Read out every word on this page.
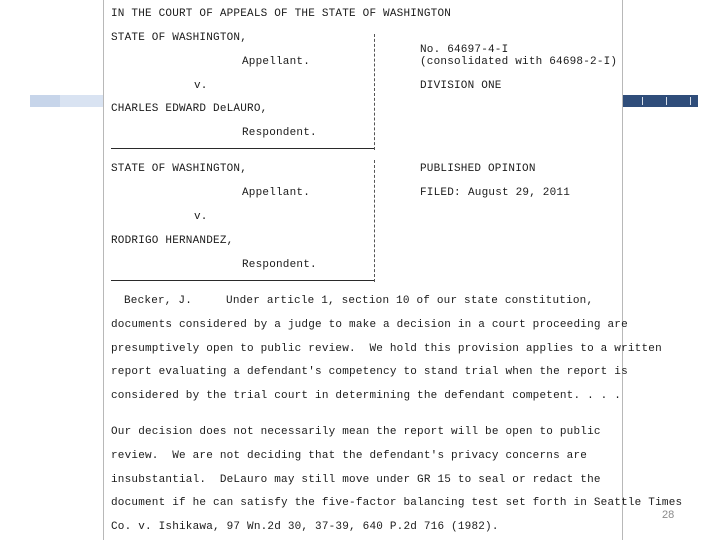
IN THE COURT OF APPEALS OF THE STATE OF WASHINGTON
STATE OF WASHINGTON,
Appellant.
v.
CHARLES EDWARD DeLAURO,
Respondent.
No. 64697-4-I
(consolidated with 64698-2-I)
DIVISION ONE
STATE OF WASHINGTON,
Appellant.
v.
RODRIGO HERNANDEZ,
Respondent.
PUBLISHED OPINION
FILED: August 29, 2011
Becker, J.     Under article 1, section 10 of our state constitution,
documents considered by a judge to make a decision in a court proceeding are
presumptively open to public review.  We hold this provision applies to a written
report evaluating a defendant's competency to stand trial when the report is
considered by the trial court in determining the defendant competent. . . .
Our decision does not necessarily mean the report will be open to public
review.  We are not deciding that the defendant's privacy concerns are
insubstantial.  DeLauro may still move under GR 15 to seal or redact the
document if he can satisfy the five-factor balancing test set forth in Seattle Times
Co. v. Ishikawa, 97 Wn.2d 30, 37-39, 640 P.2d 716 (1982).
28
